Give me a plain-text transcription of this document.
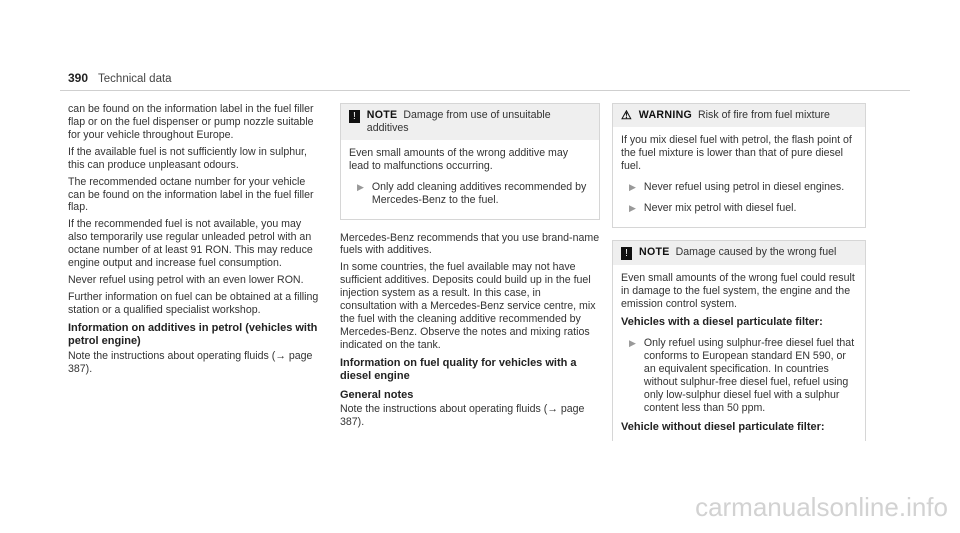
390 Technical data

can be found on the information label in the fuel filler flap or on the fuel dispenser or pump nozzle suitable for your vehicle throughout Europe.

If the available fuel is not sufficiently low in sulphur, this can produce unpleasant odours.

The recommended octane number for your vehicle can be found on the information label in the fuel filler flap.

If the recommended fuel is not available, you may also temporarily use regular unleaded petrol with an octane number of at least 91 RON. This may reduce engine output and increase fuel consumption.

Never refuel using petrol with an even lower RON.

Further information on fuel can be obtained at a filling station or a qualified specialist workshop.

Information on additives in petrol (vehicles with petrol engine)

Note the instructions about operating fluids (→ page 387).

!	NOTE Damage from use of unsuitable additives

Even small amounts of the wrong additive may lead to malfunctions occurring.

▶ Only add cleaning additives recommended by Mercedes-Benz to the fuel.

Mercedes-Benz recommends that you use brand-name fuels with additives.

In some countries, the fuel available may not have sufficient additives. Deposits could build up in the fuel injection system as a result. In this case, in consultation with a Mercedes-Benz service centre, mix the fuel with the cleaning additive recommended by Mercedes-Benz. Observe the notes and mixing ratios indicated on the tank.

Information on fuel quality for vehicles with a diesel engine
General notes

Note the instructions about operating fluids (→ page 387).

⚠ WARNING Risk of fire from fuel mixture

If you mix diesel fuel with petrol, the flash point of the fuel mixture is lower than that of pure diesel fuel.

▶ Never refuel using petrol in diesel engines.
▶ Never mix petrol with diesel fuel.
!	NOTE Damage caused by the wrong fuel

Even small amounts of the wrong fuel could result in damage to the fuel system, the engine and the emission control system.

Vehicles with a diesel particulate filter:
▶ Only refuel using sulphur-free diesel fuel that conforms to European standard EN 590, or an equivalent specification. In countries without sulphur-free diesel fuel, refuel using only low-sulphur diesel fuel with a sulphur content less than 50 ppm.
Vehicle without diesel particulate filter:
carmanualsonline.info
